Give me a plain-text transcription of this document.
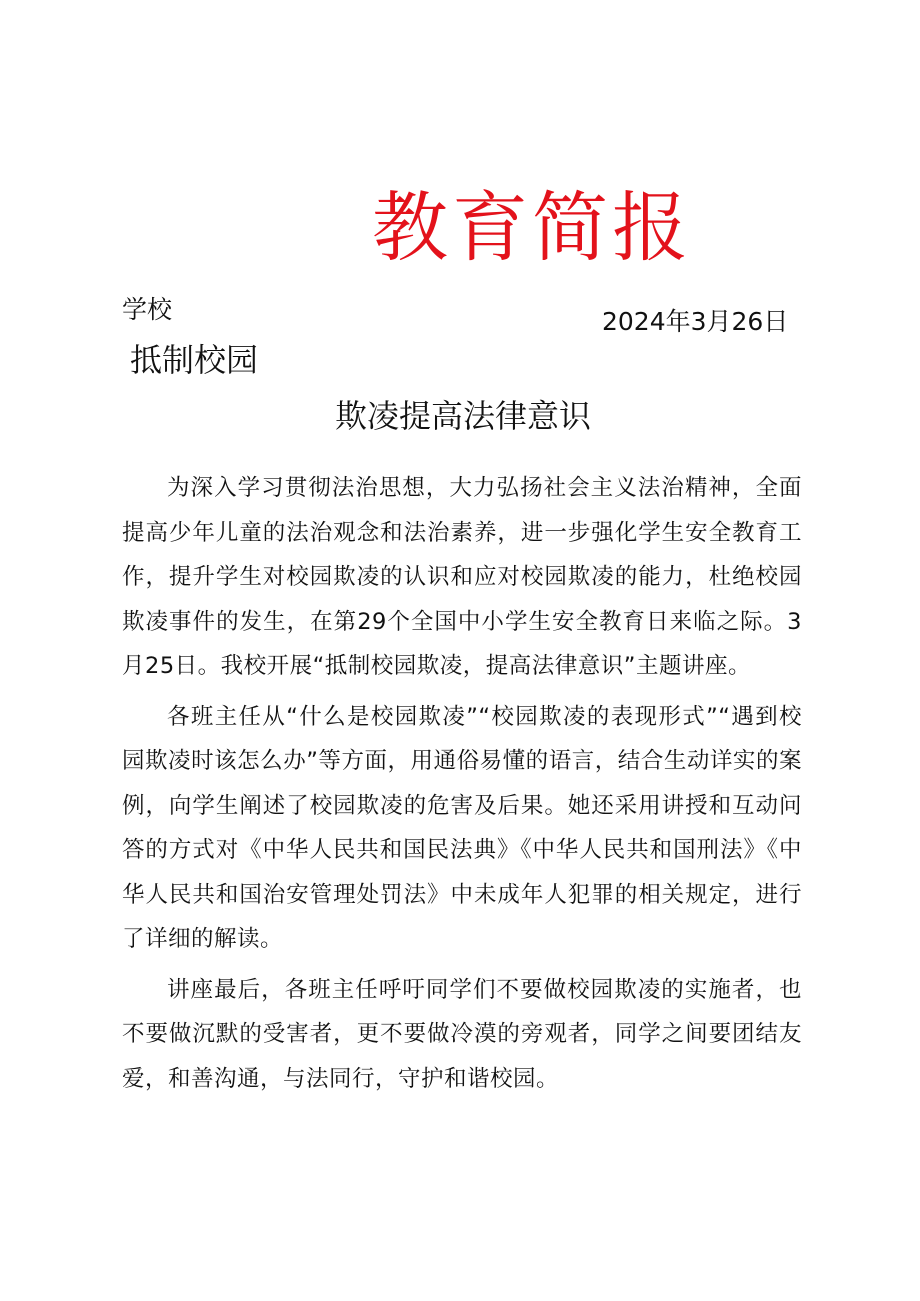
教育简报
学校	2024年3月26日
抵制校园
欺凌提高法律意识

为深入学习贯彻法治思想，大力弘扬社会主义法治精神，全面提高少年儿童的法治观念和法治素养，进一步强化学生安全教育工作，提升学生对校园欺凌的认识和应对校园欺凌的能力，杜绝校园欺凌事件的发生，在第29个全国中小学生安全教育日来临之际。3月25日。我校开展“抵制校园欺凌，提高法律意识”主题讲座。

各班主任从“什么是校园欺凌”“校园欺凌的表现形式”“遇到校园欺凌时该怎么办”等方面，用通俗易懂的语言，结合生动详实的案例，向学生阐述了校园欺凌的危害及后果。她还采用讲授和互动问答的方式对《中华人民共和国民法典》《中华人民共和国刑法》《中华人民共和国治安管理处罚法》中未成年人犯罪的相关规定，进行了详细的解读。

讲座最后，各班主任呼吁同学们不要做校园欺凌的实施者，也不要做沉默的受害者，更不要做冷漠的旁观者，同学之间要团结友爱，和善沟通，与法同行，守护和谐校园。
